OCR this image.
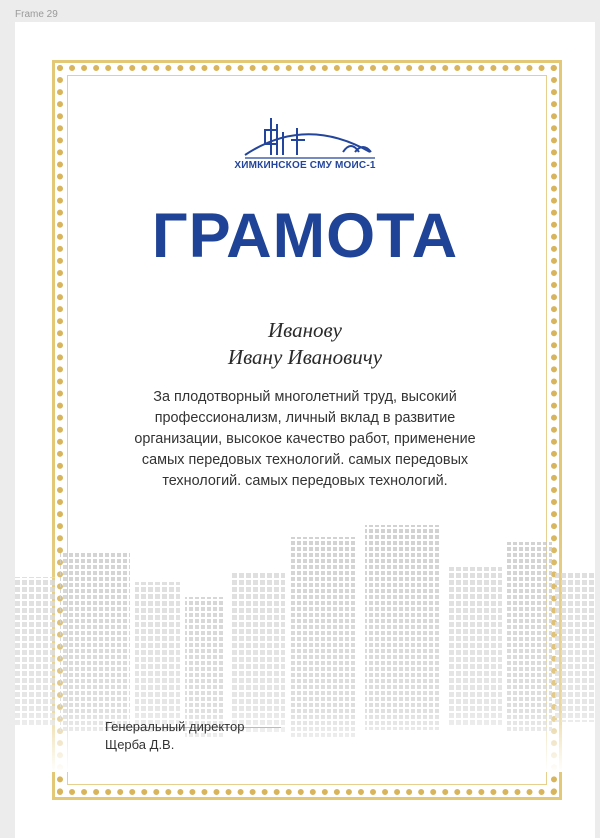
Frame 29
ХИМКИНСКОЕ СМУ МОИС-1
ГРАМОТА
Иванову
Ивану Ивановичу
За плодотворный многолетний труд, высокий профессионализм, личный вклад в развитие организации, высокое качество работ, применение самых передовых технологий. самых передовых технологий. самых передовых технологий.
Генеральный директор
Щерба Д.В.
